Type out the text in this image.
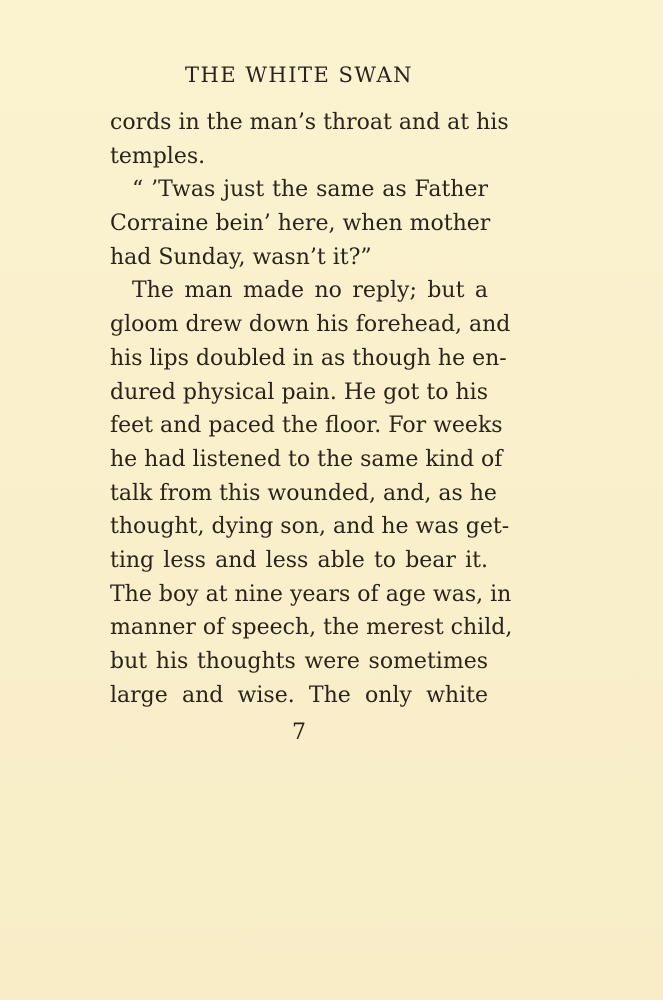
THE WHITE SWAN
cords in the man’s throat and at his
temples.
“ ’Twas just the same as Father
Corraine bein’ here, when mother
had Sunday, wasn’t it?”
The man made no reply; but a
gloom drew down his forehead, and
his lips doubled in as though he en-
dured physical pain. He got to his
feet and paced the floor. For weeks
he had listened to the same kind of
talk from this wounded, and, as he
thought, dying son, and he was get-
ting less and less able to bear it.
The boy at nine years of age was, in
manner of speech, the merest child,
but his thoughts were sometimes
large and wise. The only white
7
